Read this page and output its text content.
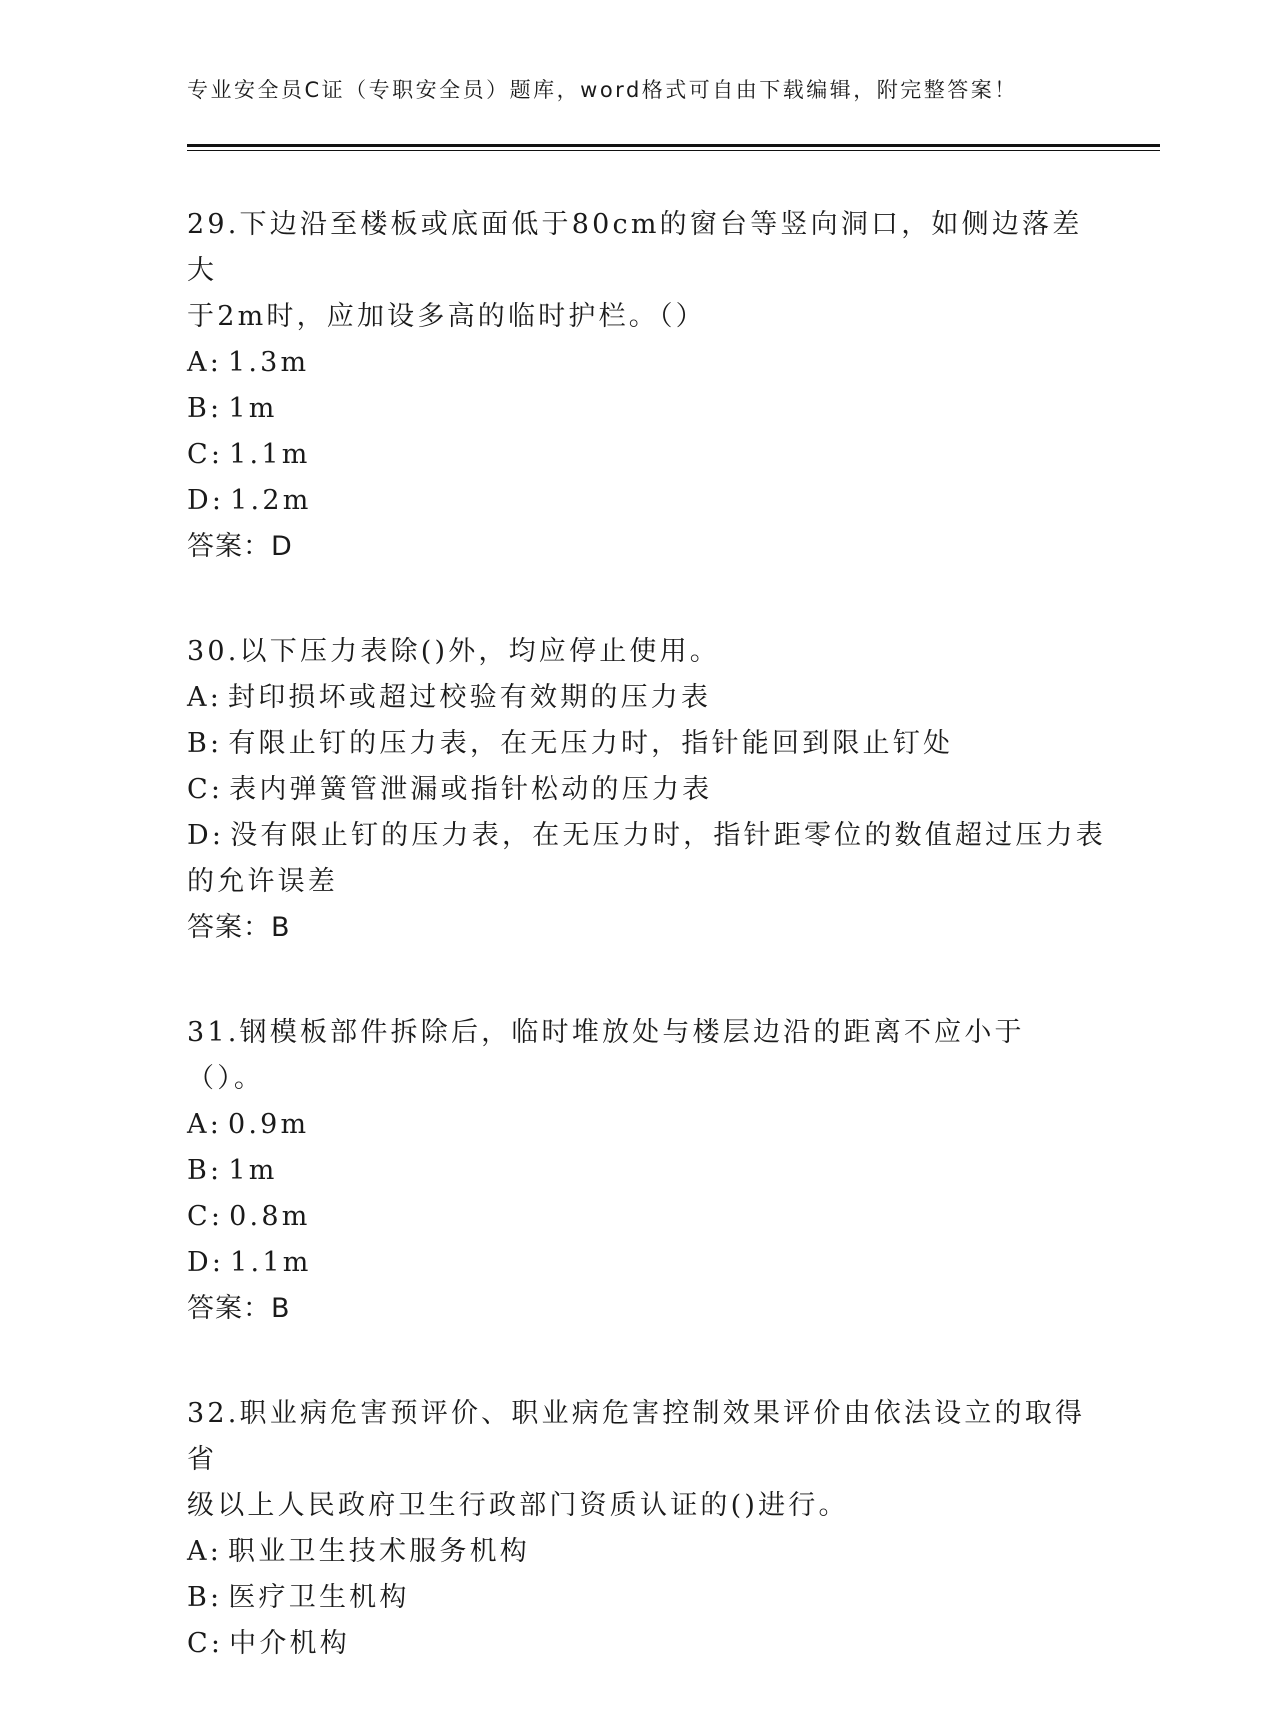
专业安全员C证（专职安全员）题库，word格式可自由下载编辑，附完整答案！
29.下边沿至楼板或底面低于80cm的窗台等竖向洞口，如侧边落差大
于2m时，应加设多高的临时护栏。（）
A: 1.3m
B: 1m
C: 1.1m
D: 1.2m
答案：D
30.以下压力表除()外，均应停止使用。
A: 封印损坏或超过校验有效期的压力表
B: 有限止钉的压力表，在无压力时，指针能回到限止钉处
C: 表内弹簧管泄漏或指针松动的压力表
D: 没有限止钉的压力表，在无压力时，指针距零位的数值超过压力表
的允许误差
答案：B
31.钢模板部件拆除后，临时堆放处与楼层边沿的距离不应小于（）。
A: 0.9m
B: 1m
C: 0.8m
D: 1.1m
答案：B
32.职业病危害预评价、职业病危害控制效果评价由依法设立的取得省
级以上人民政府卫生行政部门资质认证的()进行。
A: 职业卫生技术服务机构
B: 医疗卫生机构
C: 中介机构
